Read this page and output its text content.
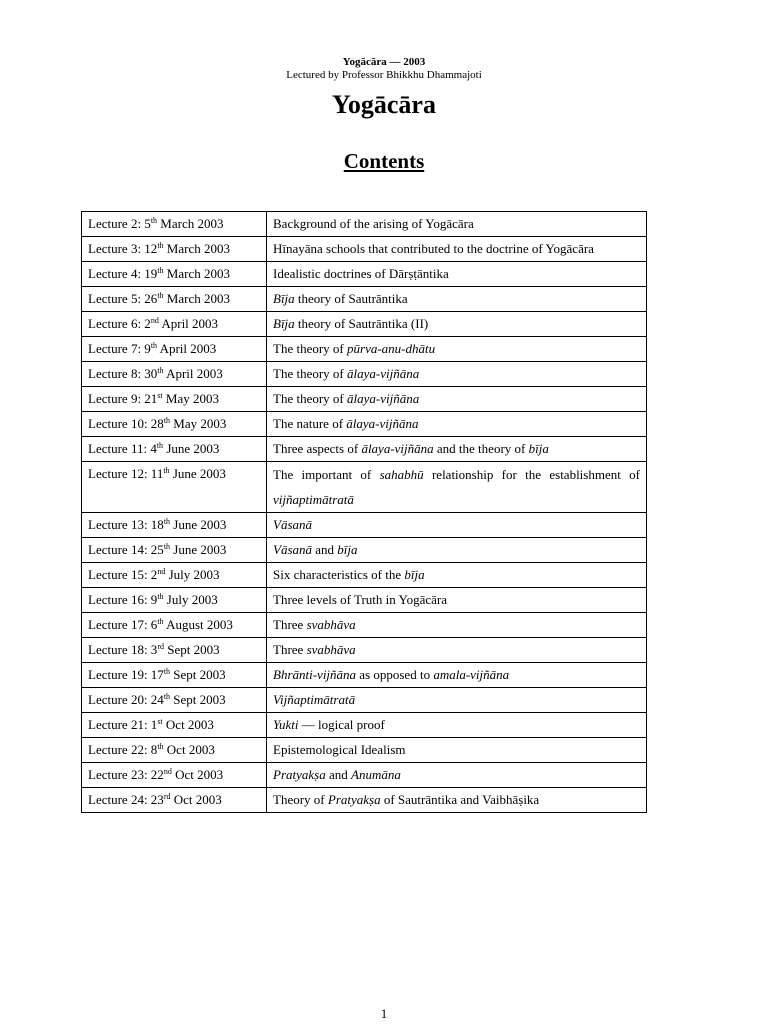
Yogācāra — 2003
Lectured by Professor Bhikkhu Dhammajoti
Yogācāra
Contents
Lecture 2: 5th March 2003	Background of the arising of Yogācāra
Lecture 3: 12th March 2003	Hīnayāna schools that contributed to the doctrine of Yogācāra
Lecture 4: 19th March 2003	Idealistic doctrines of Dārṣṭāntika
Lecture 5: 26th March 2003	Bīja theory of Sautrāntika
Lecture 6: 2nd April 2003	Bīja theory of Sautrāntika (II)
Lecture 7: 9th April 2003	The theory of pūrva-anu-dhātu
Lecture 8: 30th April 2003	The theory of ālaya-vijñāna
Lecture 9: 21st May 2003	The theory of ālaya-vijñāna
Lecture 10: 28th May 2003	The nature of ālaya-vijñāna
Lecture 11: 4th June 2003	Three aspects of ālaya-vijñāna and the theory of bīja
Lecture 12: 11th June 2003	The important of sahabhū relationship for the establishment of vijñaptimātratā
Lecture 13: 18th June 2003	Vāsanā
Lecture 14: 25th June 2003	Vāsanā and bīja
Lecture 15: 2nd July 2003	Six characteristics of the bīja
Lecture 16: 9th July 2003	Three levels of Truth in Yogācāra
Lecture 17: 6th August 2003	Three svabhāva
Lecture 18: 3rd Sept 2003	Three svabhāva
Lecture 19: 17th Sept 2003	Bhrānti-vijñāna as opposed to amala-vijñāna
Lecture 20: 24th Sept 2003	Vijñaptimātratā
Lecture 21: 1st Oct 2003	Yukti — logical proof
Lecture 22: 8th Oct 2003	Epistemological Idealism
Lecture 23: 22nd Oct 2003	Pratyakṣa and Anumāna
Lecture 24: 23rd Oct 2003	Theory of Pratyakṣa of Sautrāntika and Vaibhāṣika
1
